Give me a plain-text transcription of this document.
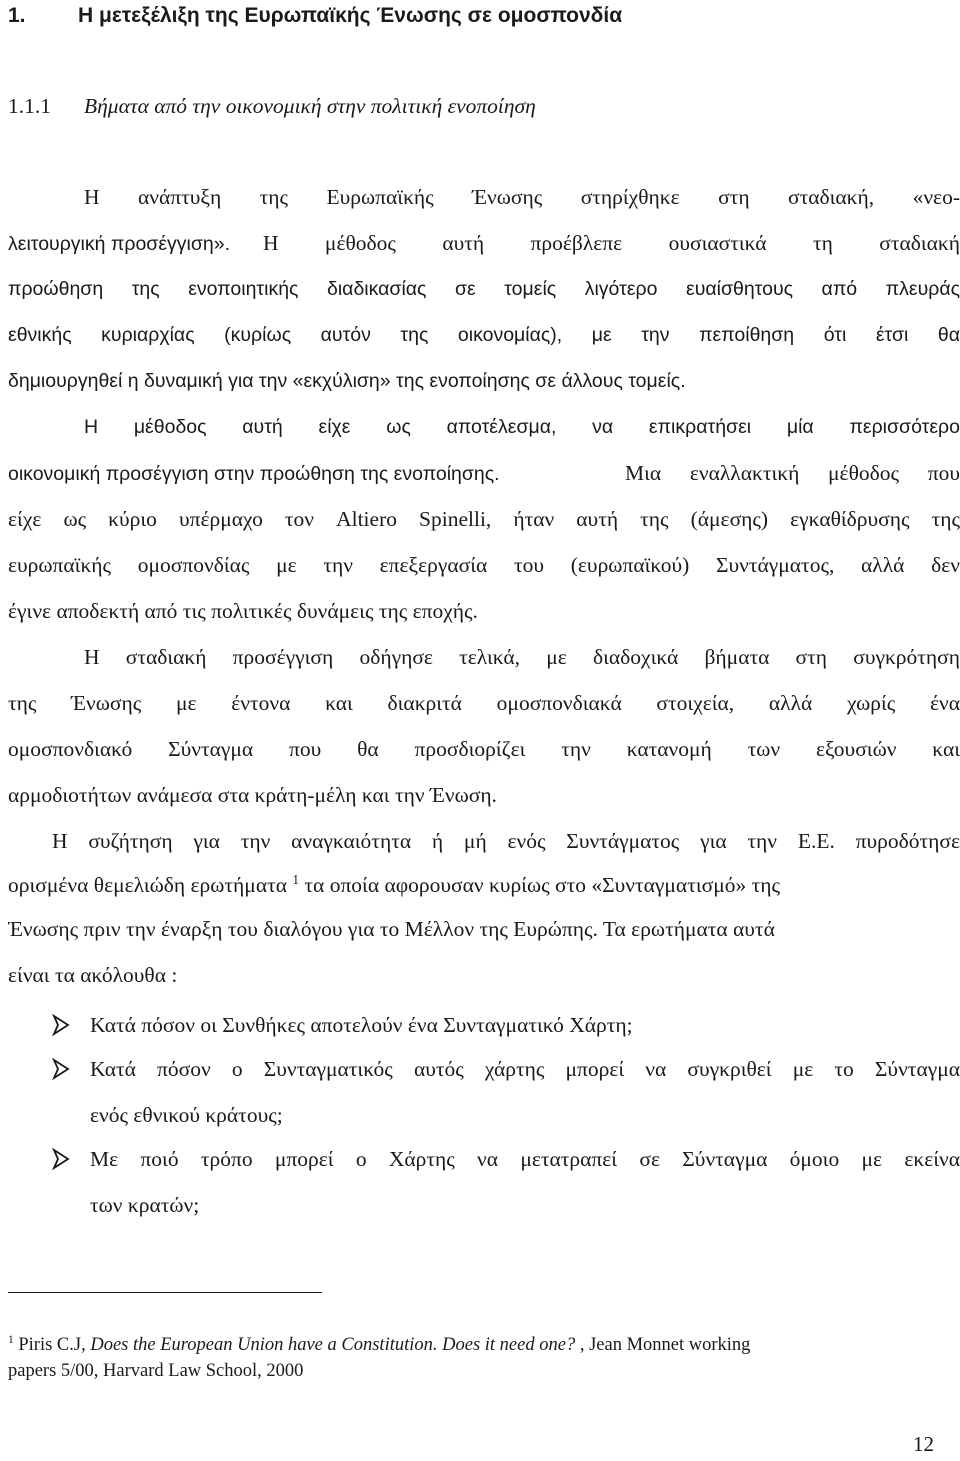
1. Η μετεξέλιξη της Ευρωπαϊκής Ένωσης σε ομοσπονδία
1.1.1 Βήματα από την οικονομική στην πολιτική ενοποίηση
Η ανάπτυξη της Ευρωπαϊκής Ένωσης στηρίχθηκε στη σταδιακή, «νεο-
λειτουργική προσέγγιση». Η μέθοδος αυτή προέβλεπε ουσιαστικά τη σταδιακή
προώθηση της ενοποιητικής διαδικασίας σε τομείς λιγότερο ευαίσθητους από πλευράς
εθνικής κυριαρχίας (κυρίως αυτόν της οικονομίας), με την πεποίθηση ότι έτσι θα
δημιουργηθεί η δυναμική για την «εκχύλιση» της ενοποίησης σε άλλους τομείς.
Η μέθοδος αυτή είχε ως αποτέλεσμα, να επικρατήσει μία περισσότερο
οικονομική προσέγγιση στην προώθηση της ενοποίησης.	Μια εναλλακτική μέθοδος που
είχε ως κύριο υπέρμαχο τον Altiero Spinelli, ήταν αυτή της (άμεσης) εγκαθίδρυσης της
ευρωπαϊκής ομοσπονδίας με την επεξεργασία του (ευρωπαϊκού) Συντάγματος, αλλά δεν
έγινε αποδεκτή από τις πολιτικές δυνάμεις της εποχής.
Η σταδιακή προσέγγιση οδήγησε τελικά, με διαδοχικά βήματα στη συγκρότηση
της Ένωσης με έντονα και διακριτά ομοσπονδιακά στοιχεία, αλλά χωρίς ένα
ομοσπονδιακό Σύνταγμα που θα προσδιορίζει την κατανομή των εξουσιών και
αρμοδιοτήτων ανάμεσα στα κράτη-μέλη και την Ένωση.
Η συζήτηση για την αναγκαιότητα ή μή ενός Συντάγματος για την Ε.Ε. πυροδότησε
ορισμένα θεμελιώδη ερωτήματα $^1$ τα οποία αφορουσαν κυρίως στο «Συνταγματισμό» της
Ένωσης πριν την έναρξη του διαλόγου για το Μέλλον της Ευρώπης. Τα ερωτήματα αυτά
είναι τα ακόλουθα :
Κατά πόσον οι Συνθήκες αποτελούν ένα Συνταγματικό Χάρτη;
Κατά πόσον ο Συνταγματικός αυτός χάρτης μπορεί να συγκριθεί με το Σύνταγμα
ενός εθνικού κράτους;
Με ποιό τρόπο μπορεί ο Χάρτης να μετατραπεί σε Σύνταγμα όμοιο με εκείνα
των κρατών;
$^1$ Piris C.J, Does the European Union have a Constitution. Does it need one? , Jean Monnet working
papers 5/00, Harvard Law School, 2000
12
